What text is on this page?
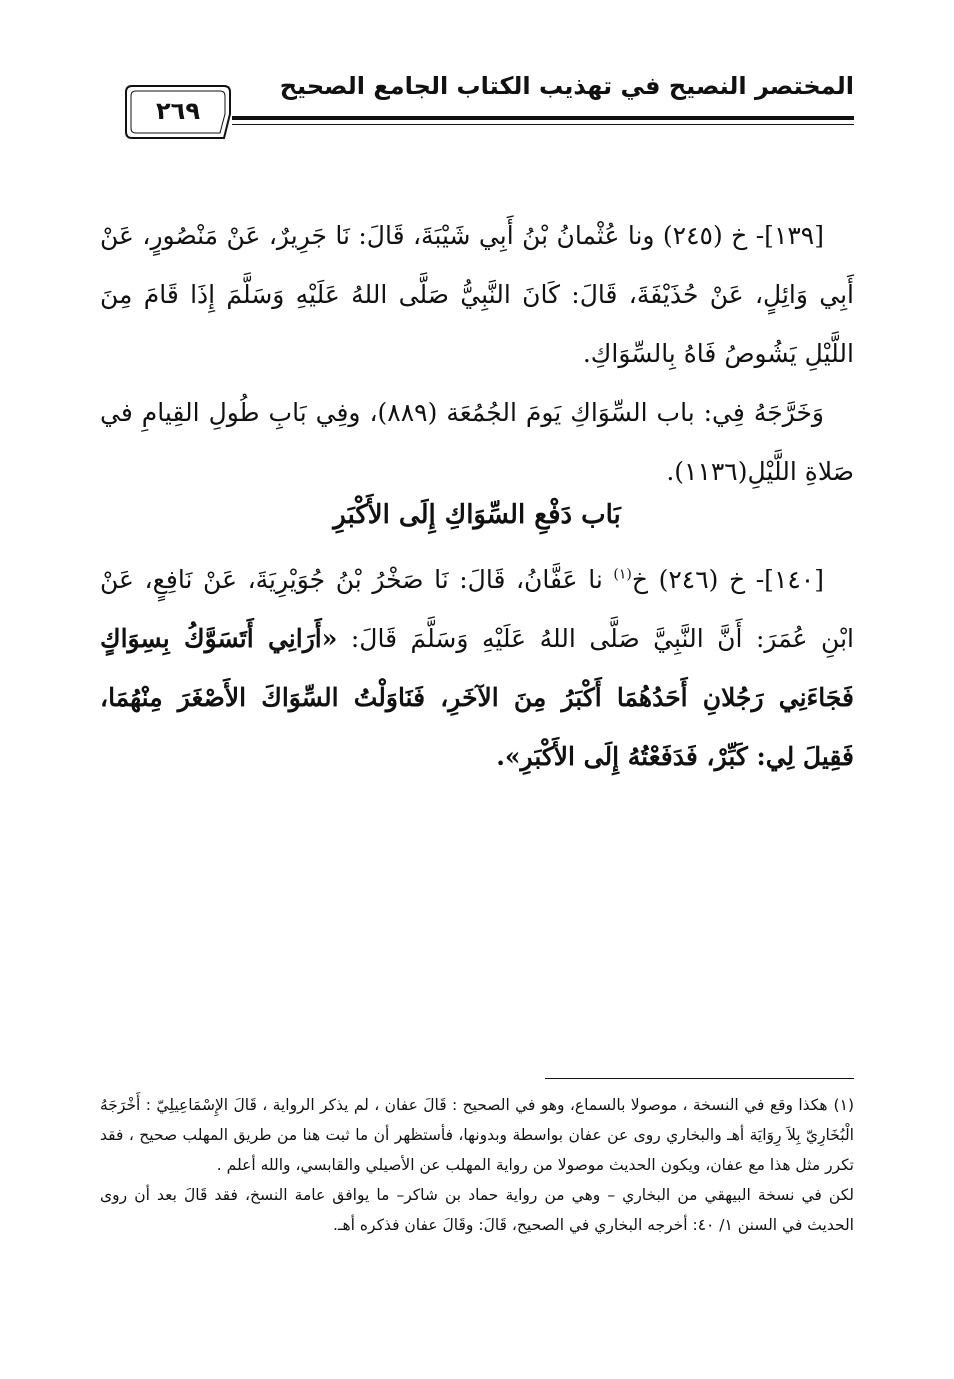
المختصر النصيح في تهذيب الكتاب الجامع الصحيح
٢٦٩

[١٣٩]- خ (٢٤٥) ونا عُثْمانُ بْنُ أَبِي شَيْبَةَ، قَالَ: نَا جَرِيرٌ، عَنْ مَنْصُورٍ، عَنْ أَبِي وَائِلٍ، عَنْ حُذَيْفَةَ، قَالَ: كَانَ النَّبِيُّ صَلَّى اللهُ عَلَيْهِ وَسَلَّمَ إِذَا قَامَ مِنَ اللَّيْلِ يَشُوصُ فَاهُ بِالسِّوَاكِ.

وَخَرَّجَهُ فِي: باب السِّوَاكِ يَومَ الجُمُعَة (٨٨٩)، وفِي بَابِ طُولِ القِيامِ في صَلاةِ اللَّيْلِ(١١٣٦).

بَاب دَفْعِ السِّوَاكِ إِلَى الأَكْبَرِ

[١٤٠]- خ (٢٤٦) خ$^{(١)}$ نا عَفَّانُ، قَالَ: نَا صَخْرُ بْنُ جُوَيْرِيَةَ، عَنْ نَافِعٍ، عَنْ ابْنِ عُمَرَ: أَنَّ النَّبِيَّ صَلَّى اللهُ عَلَيْهِ وَسَلَّمَ قَالَ: «أَرَانِي أَتَسَوَّكُ بِسِوَاكٍ فَجَاءَنِي رَجُلانِ أَحَدُهُمَا أَكْبَرُ مِنَ الآخَرِ، فَنَاوَلْتُ السِّوَاكَ الأَصْغَرَ مِنْهُمَا، فَقِيلَ لِي: كَبِّرْ، فَدَفَعْتُهُ إِلَى الأَكْبَرِ».

(١)هكذا وقع في النسخة ، موصولا بالسماع، وهو في الصحيح : قَالَ عفان ، لم يذكر الرواية ، قَالَ الإِسْمَاعِيلِيّ : أَخْرَجَهُ الْبُخَارِيّ بِلاَ رِوَايَة أهـ والبخاري روى عن عفان بواسطة وبدونها، فأستظهر أن ما ثبت هنا من طريق المهلب صحيح ، فقد تكرر مثل هذا مع عفان، ويكون الحديث موصولا من رواية المهلب عن الأصيلي والقابسي، والله أعلم .

لكن في نسخة البيهقي من البخاري – وهي من رواية حماد بن شاكر– ما يوافق عامة النسخ، فقد قَالَ بعد أن روى الحديث في السنن ١/ ٤٠: أخرجه البخاري في الصحيح، قَالَ: وقَالَ عفان فذكره أهـ.
